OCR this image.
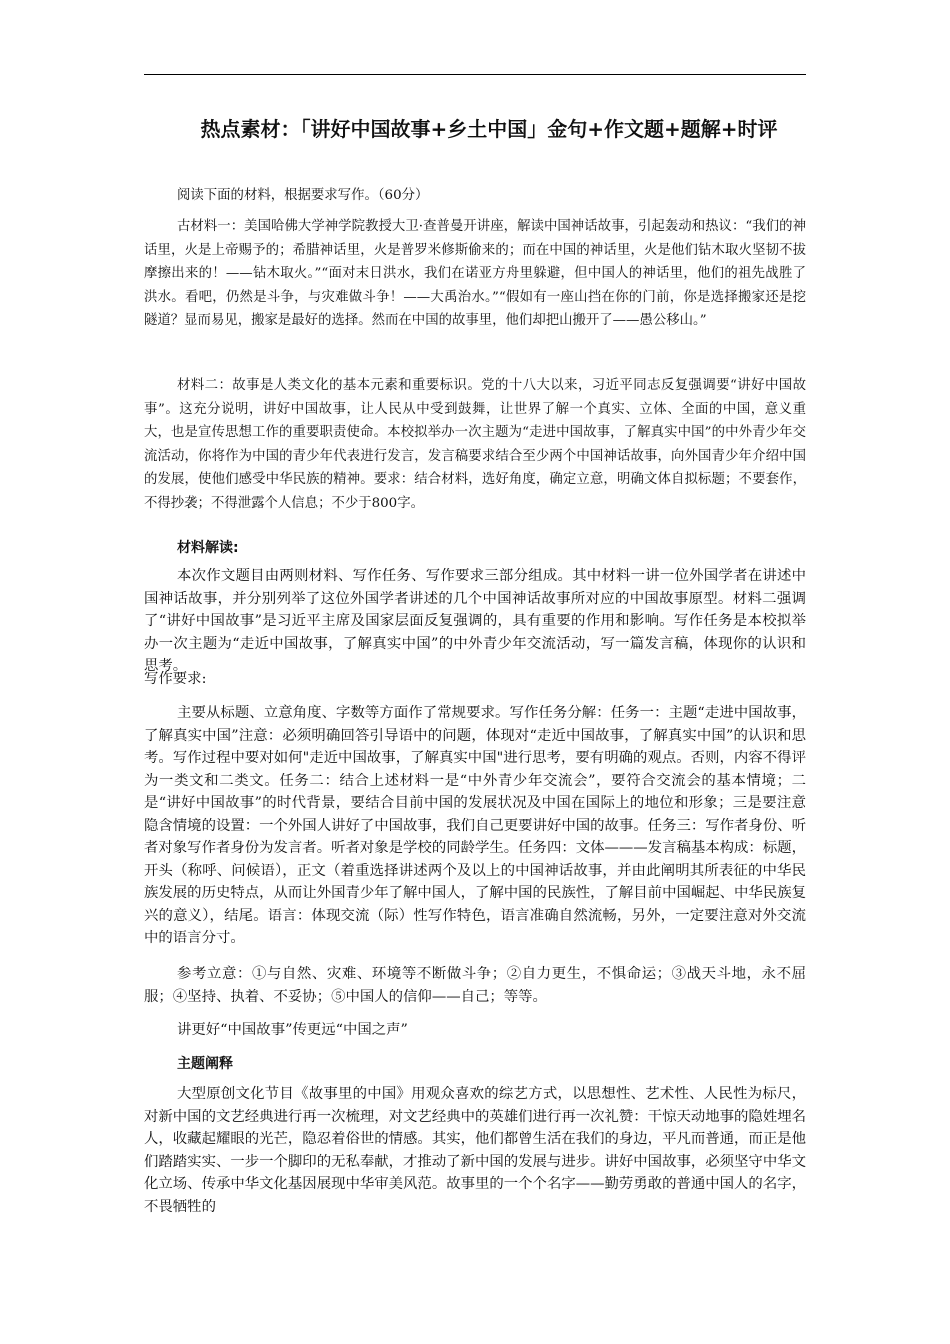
热点素材：「讲好中国故事+乡土中国」金句+作文题+题解+时评

阅读下面的材料，根据要求写作。（60分）

古材料一：美国哈佛大学神学院教授大卫·查普曼开讲座，解读中国神话故事，引起轰动和热议：“我们的神话里，火是上帝赐予的；希腊神话里，火是普罗米修斯偷来的；而在中国的神话里，火是他们钻木取火坚韧不拔摩擦出来的！——钻木取火。”“面对末日洪水，我们在诺亚方舟里躲避，但中国人的神话里，他们的祖先战胜了洪水。看吧，仍然是斗争，与灾难做斗争！——大禹治水。”“假如有一座山挡在你的门前，你是选择搬家还是挖隧道？显而易见，搬家是最好的选择。然而在中国的故事里，他们却把山搬开了——愚公移山。”

材料二：故事是人类文化的基本元素和重要标识。党的十八大以来，习近平同志反复强调要“讲好中国故事”。这充分说明，讲好中国故事，让人民从中受到鼓舞，让世界了解一个真实、立体、全面的中国，意义重大，也是宣传思想工作的重要职责使命。本校拟举办一次主题为“走进中国故事，了解真实中国”的中外青少年交流活动，你将作为中国的青少年代表进行发言，发言稿要求结合至少两个中国神话故事，向外国青少年介绍中国的发展，使他们感受中华民族的精神。要求：结合材料，选好角度，确定立意，明确文体自拟标题；不要套作，不得抄袭；不得泄露个人信息；不少于800字。

材料解读:

本次作文题目由两则材料、写作任务、写作要求三部分组成。其中材料一讲一位外国学者在讲述中国神话故事，并分别列举了这位外国学者讲述的几个中国神话故事所对应的中国故事原型。材料二强调了“讲好中国故事”是习近平主席及国家层面反复强调的，具有重要的作用和影响。写作任务是本校拟举办一次主题为“走近中国故事，了解真实中国”的中外青少年交流活动，写一篇发言稿，体现你的认识和思考。

写作要求:

主要从标题、立意角度、字数等方面作了常规要求。写作任务分解：任务一：主题“走进中国故事，了解真实中国”注意：必须明确回答引导语中的问题，体现对“走近中国故事，了解真实中国”的认识和思考。写作过程中要对如何"走近中国故事，了解真实中国"进行思考，要有明确的观点。否则，内容不得评为一类文和二类文。任务二：结合上述材料一是“中外青少年交流会”，要符合交流会的基本情境；二是“讲好中国故事”的时代背景，要结合目前中国的发展状况及中国在国际上的地位和形象；三是要注意隐含情境的设置：一个外国人讲好了中国故事，我们自己更要讲好中国的故事。任务三：写作者身份、听者对象写作者身份为发言者。听者对象是学校的同龄学生。任务四：文体———发言稿基本构成：标题，开头（称呼、问候语），正文（着重选择讲述两个及以上的中国神话故事，并由此阐明其所表征的中华民族发展的历史特点，从而让外国青少年了解中国人，了解中国的民族性，了解目前中国崛起、中华民族复兴的意义），结尾。语言：体现交流（际）性写作特色，语言准确自然流畅，另外，一定要注意对外交流中的语言分寸。

参考立意：①与自然、灾难、环境等不断做斗争；②自力更生，不惧命运；③战天斗地，永不屈服；④坚持、执着、不妥协；⑤中国人的信仰——自己；等等。

讲更好“中国故事”传更远“中国之声”

主题阐释

大型原创文化节目《故事里的中国》用观众喜欢的综艺方式，以思想性、艺术性、人民性为标尺，对新中国的文艺经典进行再一次梳理，对文艺经典中的英雄们进行再一次礼赞：干惊天动地事的隐姓埋名人，收藏起耀眼的光芒，隐忍着俗世的情感。其实，他们都曾生活在我们的身边，平凡而普通，而正是他们踏踏实实、一步一个脚印的无私奉献，才推动了新中国的发展与进步。讲好中国故事，必须坚守中华文化立场、传承中华文化基因展现中华审美风范。故事里的一个个名字——勤劳勇敢的普通中国人的名字，不畏牺牲的
